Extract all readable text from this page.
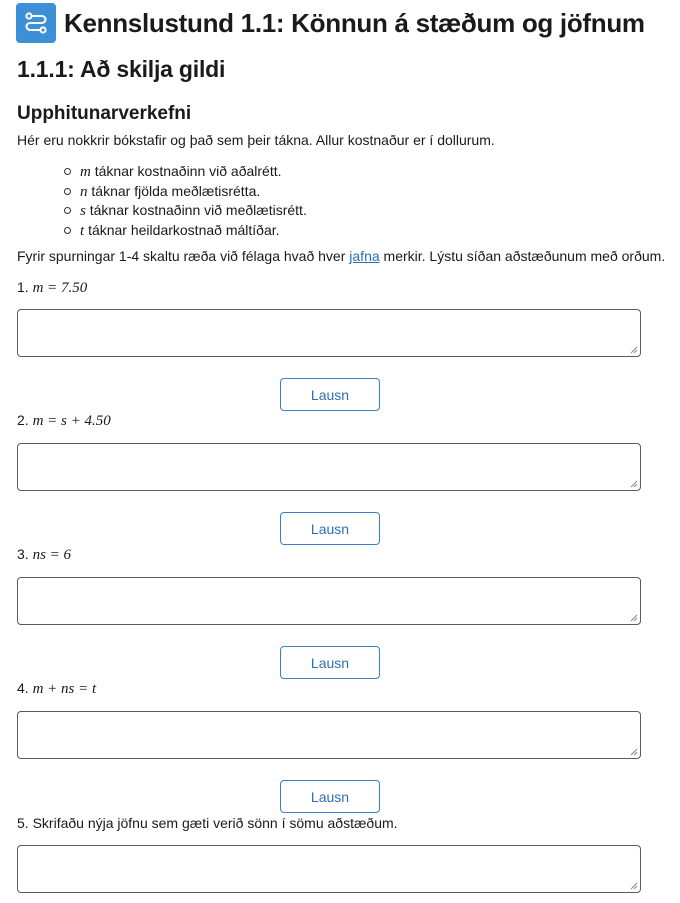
Kennslustund 1.1: Könnun á stæðum og jöfnum
1.1.1: Að skilja gildi
Upphitunarverkefni

Hér eru nokkrir bókstafir og það sem þeir tákna. Allur kostnaður er í dollurum.

m táknar kostnaðinn við aðalrétt.
n táknar fjölda meðlætisrétta.
s táknar kostnaðinn við meðlætisrétt.
t táknar heildarkostnað máltíðar.

Fyrir spurningar 1-4 skaltu ræða við félaga hvað hver jafna merkir. Lýstu síðan aðstæðunum með orðum.

1. m = 7.50

Lausn

2. m = s + 4.50

Lausn

3. ns = 6

Lausn

4. m + ns = t

Lausn

5. Skrifaðu nýja jöfnu sem gæti verið sönn í sömu aðstæðum.
